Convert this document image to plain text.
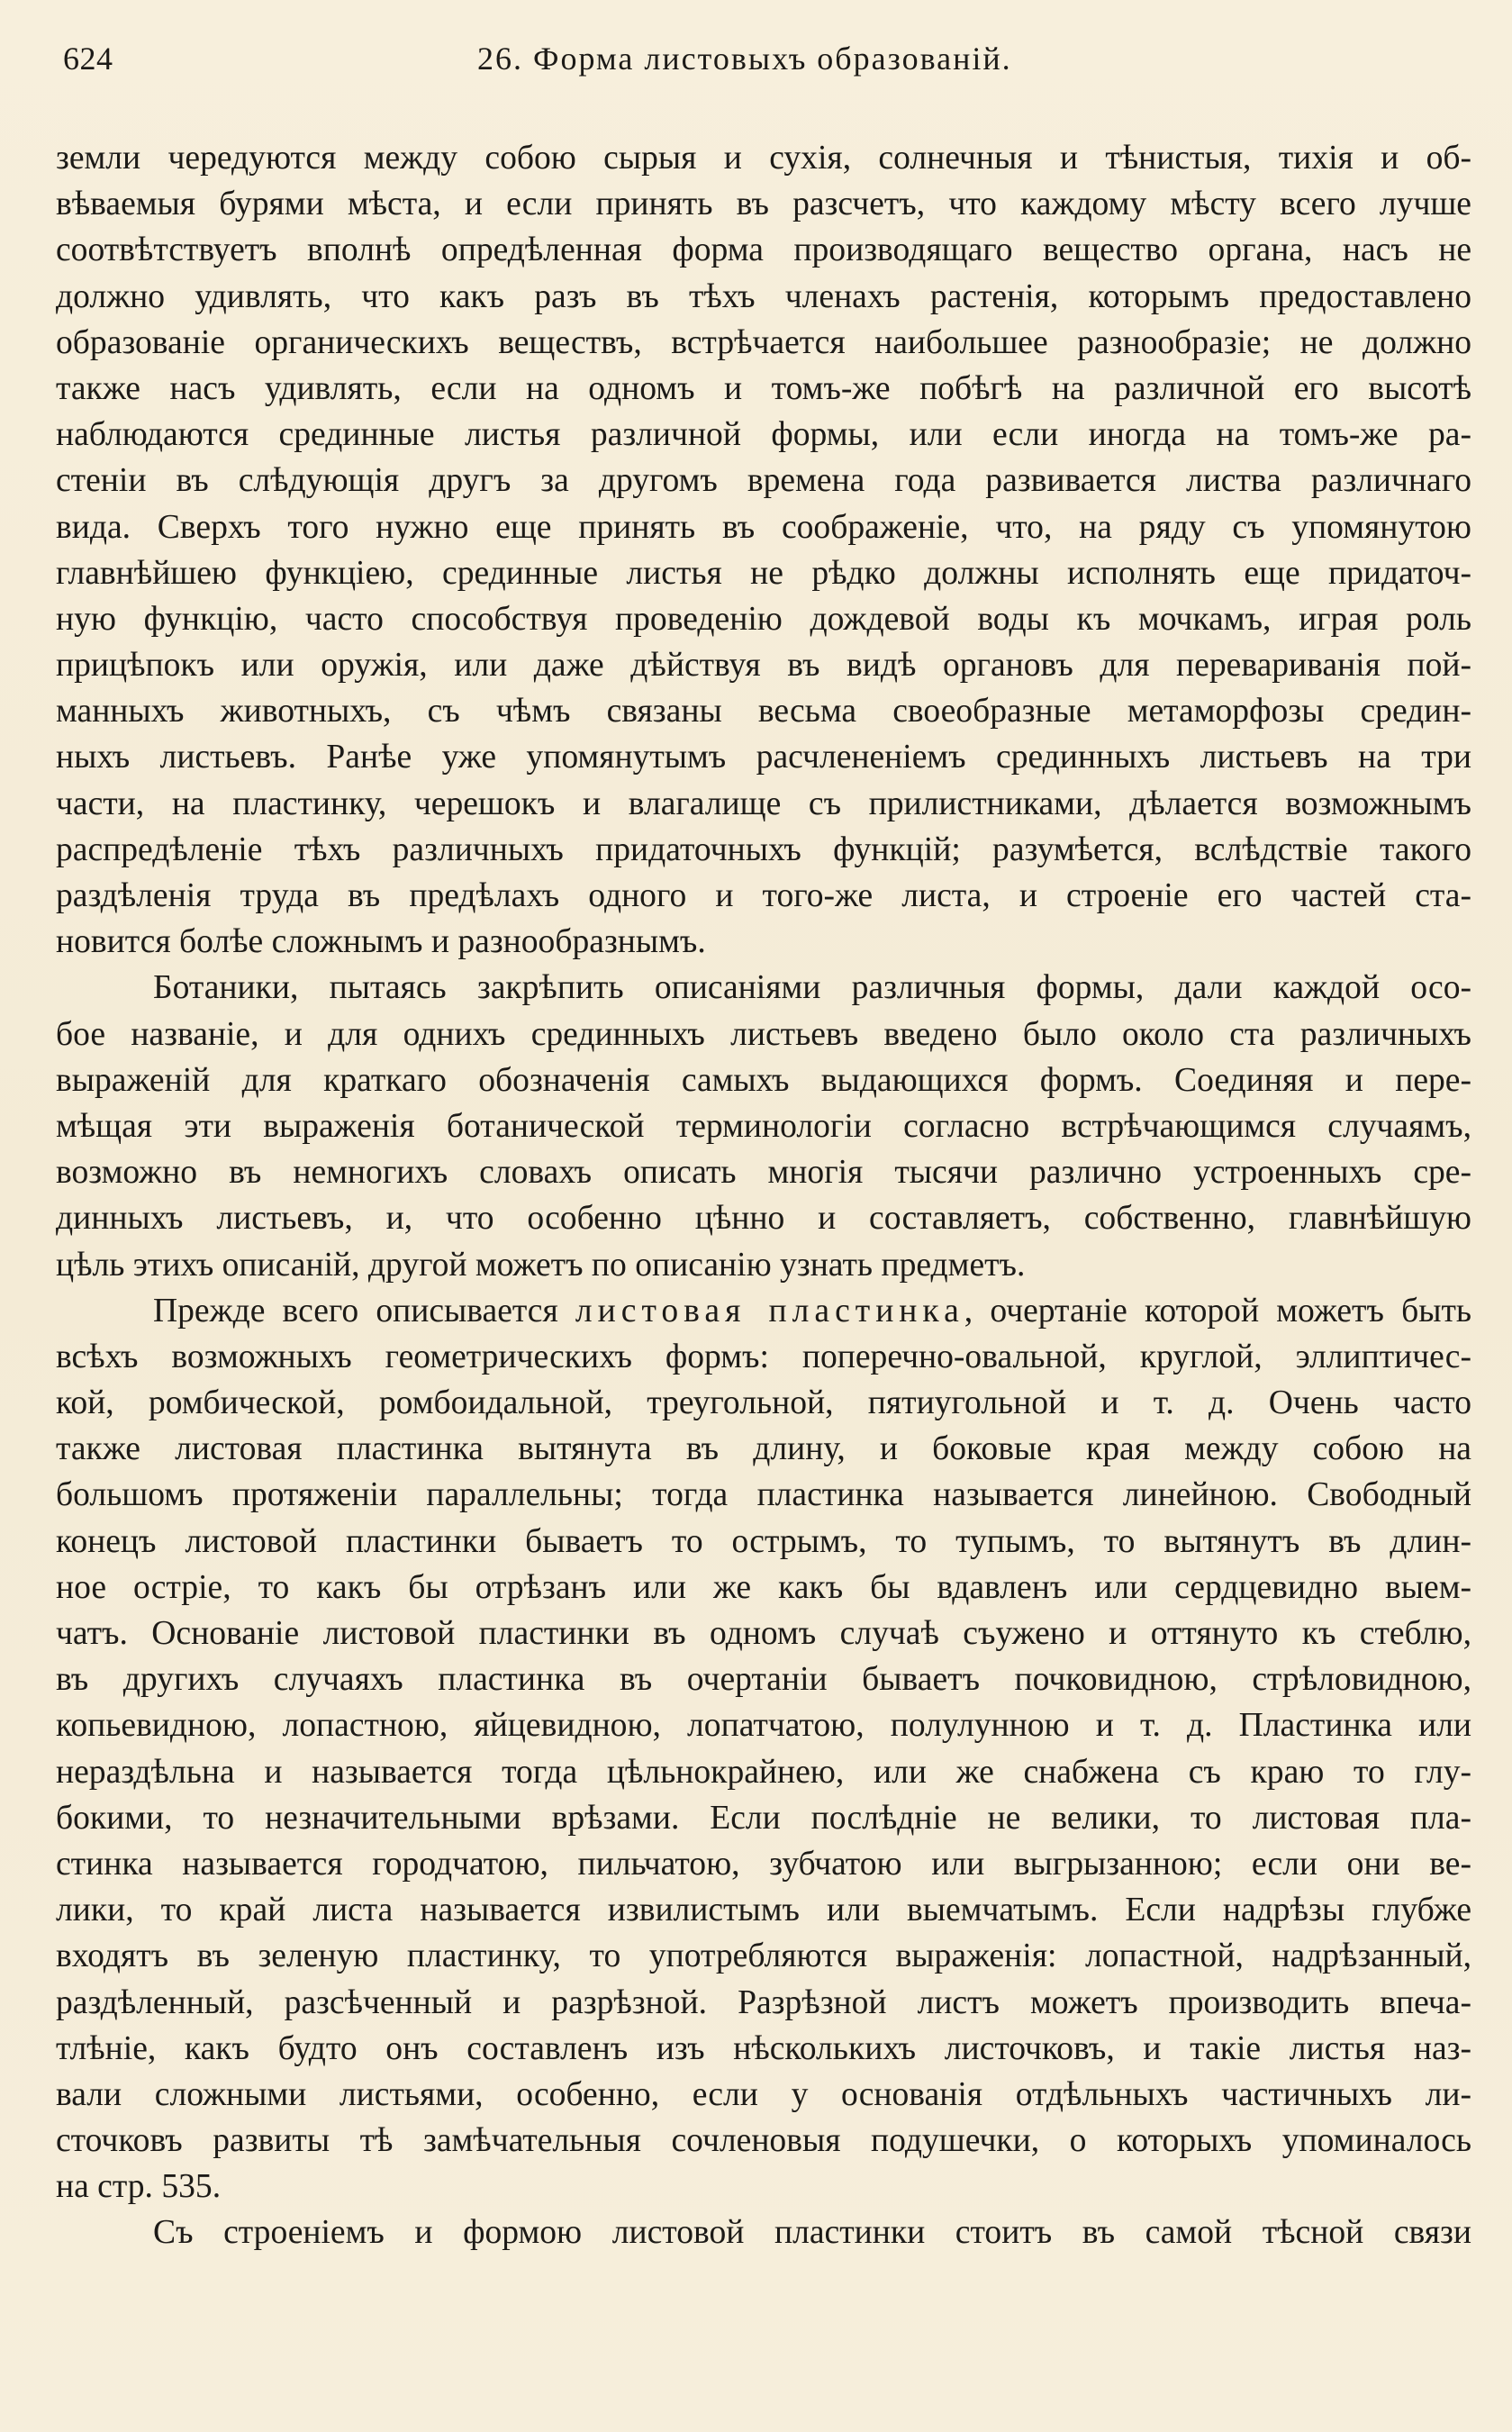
624	26. Форма листовыхъ образованій.
земли чередуются между собою сырыя и сухія, солнечныя и тѣнистыя, тихія и об-
вѣваемыя бурями мѣста, и если принять въ разсчетъ, что каждому мѣсту всего лучше
соотвѣтствуетъ вполнѣ опредѣленная форма производящаго вещество органа, насъ не
должно удивлять, что какъ разъ въ тѣхъ членахъ растенія, которымъ предоставлено
образованіе органическихъ веществъ, встрѣчается наибольшее разнообразіе; не должно
также насъ удивлять, если на одномъ и томъ-же побѣгѣ на различной его высотѣ
наблюдаются срединные листья различной формы, или если иногда на томъ-же ра-
стеніи въ слѣдующія другъ за другомъ времена года развивается листва различнаго
вида. Сверхъ того нужно еще принять въ соображеніе, что, на ряду съ упомянутою
главнѣйшею функціею, срединные листья не рѣдко должны исполнять еще придаточ-
ную функцію, часто способствуя проведенію дождевой воды къ мочкамъ, играя роль
прицѣпокъ или оружія, или даже дѣйствуя въ видѣ органовъ для перевариванія пой-
манныхъ животныхъ, съ чѣмъ связаны весьма своеобразные метаморфозы средин-
ныхъ листьевъ. Ранѣе уже упомянутымъ расчлененіемъ срединныхъ листьевъ на три
части, на пластинку, черешокъ и влагалище съ прилистниками, дѣлается возможнымъ
распредѣленіе тѣхъ различныхъ придаточныхъ функцій; разумѣется, вслѣдствіе такого
раздѣленія труда въ предѣлахъ одного и того-же листа, и строеніе его частей ста-
новится болѣе сложнымъ и разнообразнымъ.
Ботаники, пытаясь закрѣпить описаніями различныя формы, дали каждой осо-
бое названіе, и для однихъ срединныхъ листьевъ введено было около ста различныхъ
выраженій для краткаго обозначенія самыхъ выдающихся формъ. Соединяя и пере-
мѣщая эти выраженія ботанической терминологіи согласно встрѣчающимся случаямъ,
возможно въ немногихъ словахъ описать многія тысячи различно устроенныхъ сре-
динныхъ листьевъ, и, что особенно цѣнно и составляетъ, собственно, главнѣйшую
цѣль этихъ описаній, другой можетъ по описанію узнать предметъ.
Прежде всего описывается листовая пластинка, очертаніе которой можетъ быть
всѣхъ возможныхъ геометрическихъ формъ: поперечно-овальной, круглой, эллиптичес-
кой, ромбической, ромбоидальной, треугольной, пятиугольной и т. д. Очень часто
также листовая пластинка вытянута въ длину, и боковые края между собою на
большомъ протяженіи параллельны; тогда пластинка называется линейною. Свободный
конецъ листовой пластинки бываетъ то острымъ, то тупымъ, то вытянутъ въ длин-
ное остріе, то какъ бы отрѣзанъ или же какъ бы вдавленъ или сердцевидно выем-
чатъ. Основаніе листовой пластинки въ одномъ случаѣ съужено и оттянуто къ стеблю,
въ другихъ случаяхъ пластинка въ очертаніи бываетъ почковидною, стрѣловидною,
копьевидною, лопастною, яйцевидною, лопатчатою, полулунною и т. д. Пластинка или
нераздѣльна и называется тогда цѣльнокрайнею, или же снабжена съ краю то глу-
бокими, то незначительными врѣзами. Если послѣдніе не велики, то листовая пла-
стинка называется городчатою, пильчатою, зубчатою или выгрызанною; если они ве-
лики, то край листа называется извилистымъ или выемчатымъ. Если надрѣзы глубже
входятъ въ зеленую пластинку, то употребляются выраженія: лопастной, надрѣзанный,
раздѣленный, разсѣченный и разрѣзной. Разрѣзной листъ можетъ производить впеча-
тлѣніе, какъ будто онъ составленъ изъ нѣсколькихъ листочковъ, и такіе листья наз-
вали сложными листьями, особенно, если у основанія отдѣльныхъ частичныхъ ли-
сточковъ развиты тѣ замѣчательныя сочленовыя подушечки, о которыхъ упоминалось
на стр. 535.
Съ строеніемъ и формою листовой пластинки стоитъ въ самой тѣсной связи
